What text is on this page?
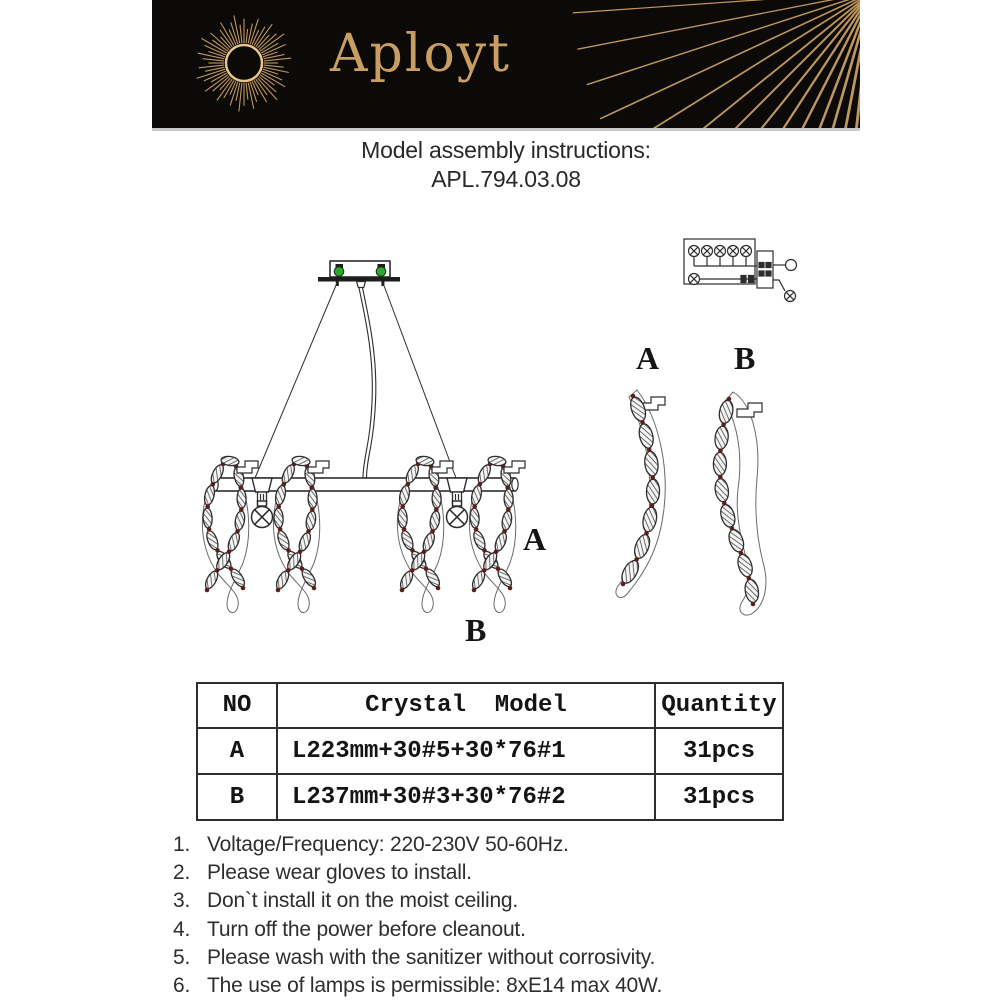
Aployt
Model assembly instructions:
APL.794.03.08
A
B
A B
NO	Crystal  Model	Quantity
A	L223mm+30#5+30*76#1	31pcs
B	L237mm+30#3+30*76#2	31pcs
1. Voltage/Frequency: 220-230V 50-60Hz.
2. Please wear gloves to install.
3. Don`t install it on the moist ceiling.
4. Turn off the power before cleanout.
5. Please wash with the sanitizer without corrosivity.
6. The use of lamps is permissible: 8xE14 max 40W.
